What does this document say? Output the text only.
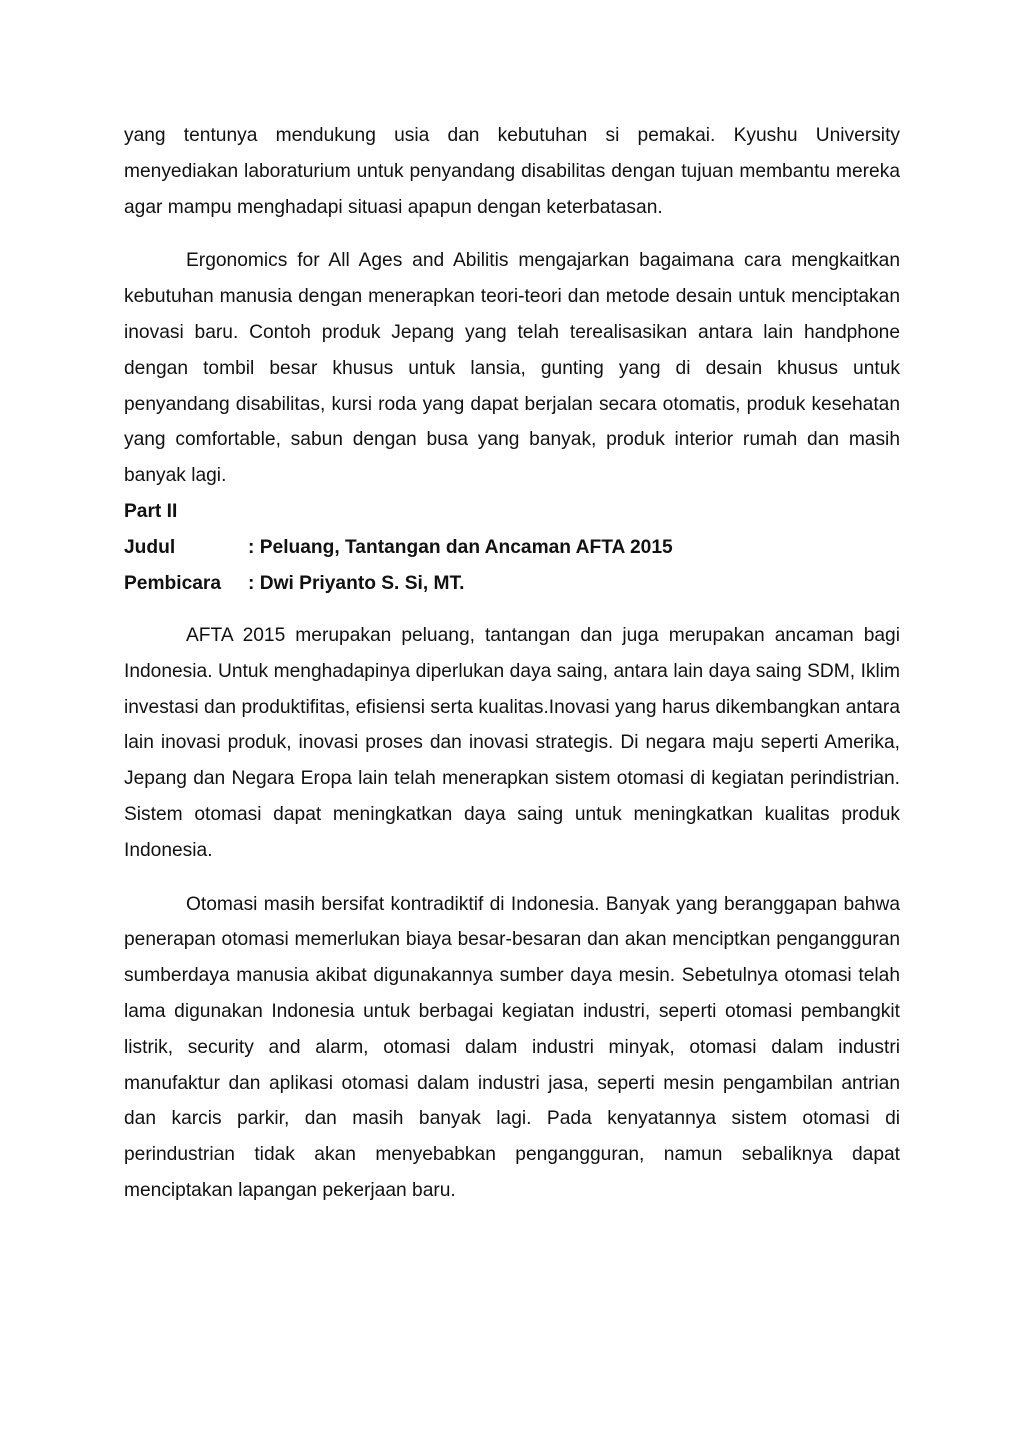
yang tentunya mendukung usia dan kebutuhan si pemakai. Kyushu University menyediakan laboraturium untuk penyandang disabilitas dengan tujuan membantu mereka agar mampu menghadapi situasi apapun dengan keterbatasan.

Ergonomics for All Ages and Abilitis mengajarkan bagaimana cara mengkaitkan kebutuhan manusia dengan menerapkan teori-teori dan metode desain untuk menciptakan inovasi baru. Contoh produk Jepang yang telah terealisasikan antara lain handphone dengan tombil besar khusus untuk lansia, gunting yang di desain khusus untuk penyandang disabilitas, kursi roda yang dapat berjalan secara otomatis, produk kesehatan yang comfortable, sabun dengan busa yang banyak, produk interior rumah dan masih banyak lagi.

Part II

Judul	: Peluang, Tantangan dan Ancaman AFTA 2015
Pembicara	: Dwi Priyanto S. Si, MT.

AFTA 2015 merupakan peluang, tantangan dan juga merupakan ancaman bagi Indonesia. Untuk menghadapinya diperlukan daya saing, antara lain daya saing SDM, Iklim investasi dan produktifitas, efisiensi serta kualitas.Inovasi yang harus dikembangkan antara lain inovasi produk, inovasi proses dan inovasi strategis. Di negara maju seperti Amerika, Jepang dan Negara Eropa lain telah menerapkan sistem otomasi di kegiatan perindistrian. Sistem otomasi dapat meningkatkan daya saing untuk meningkatkan kualitas produk Indonesia.

Otomasi masih bersifat kontradiktif di Indonesia. Banyak yang beranggapan bahwa penerapan otomasi memerlukan biaya besar-besaran dan akan menciptkan pengangguran sumberdaya manusia akibat digunakannya sumber daya mesin. Sebetulnya otomasi telah lama digunakan Indonesia untuk berbagai kegiatan industri, seperti otomasi pembangkit listrik, security and alarm, otomasi dalam industri minyak, otomasi dalam industri manufaktur dan aplikasi otomasi dalam industri jasa, seperti mesin pengambilan antrian dan karcis parkir, dan masih banyak lagi. Pada kenyatannya sistem otomasi di perindustrian tidak akan menyebabkan pengangguran, namun sebaliknya dapat menciptakan lapangan pekerjaan baru.
